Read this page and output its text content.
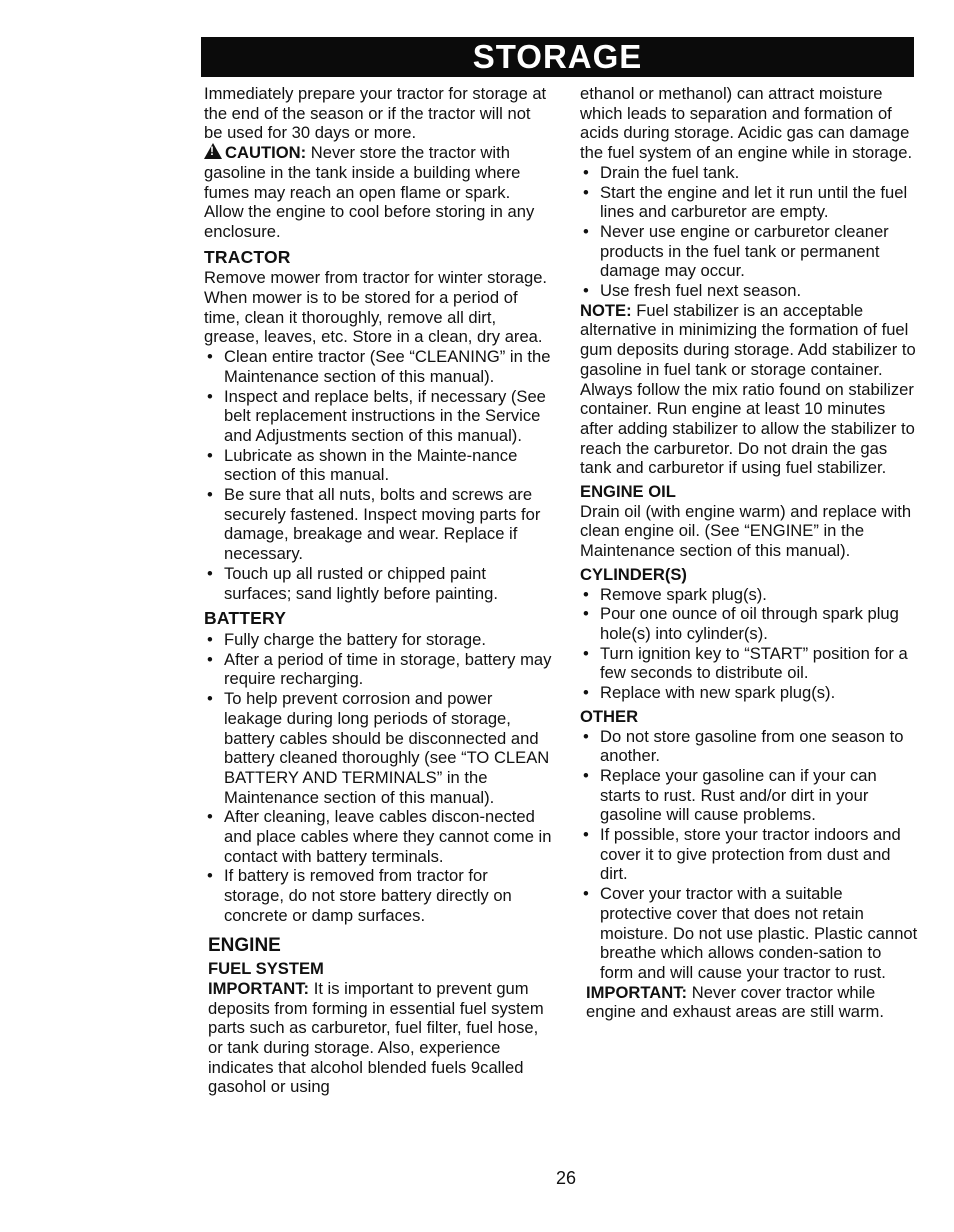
STORAGE

Immediately prepare your tractor for storage at the end of the season or if the tractor will not be used for 30 days or more.

!CAUTION: Never store the tractor with gasoline in the tank inside a building where fumes may reach an open flame or spark. Allow the engine to cool before storing in any enclosure.

TRACTOR

Remove mower from tractor for winter storage. When mower is to be stored for a period of time, clean it thoroughly, remove all dirt, grease, leaves, etc. Store in a clean, dry area.

• Clean entire tractor (See “CLEANING” in the Maintenance section of this manual).
• Inspect and replace belts, if necessary (See belt replacement instructions in the Service and Adjustments section of this manual).
• Lubricate as shown in the Mainte-nance section of this manual.
• Be sure that all nuts, bolts and screws are securely fastened. Inspect moving parts for damage, breakage and wear. Replace if necessary.
• Touch up all rusted or chipped paint surfaces; sand lightly before painting.
BATTERY
• Fully charge the battery for storage.
• After a period of time in storage, battery may require recharging.
• To help prevent corrosion and power leakage during long periods of storage, battery cables should be disconnected and battery cleaned thoroughly (see “TO CLEAN BATTERY AND TERMINALS” in the Maintenance section of this manual).
• After cleaning, leave cables discon-nected and place cables where they cannot come in contact with battery terminals.
• If battery is removed from tractor for storage, do not store battery directly on concrete or damp surfaces.
ENGINE
FUEL SYSTEM

IMPORTANT: It is important to prevent gum deposits from forming in essential fuel system parts such as carburetor, fuel filter, fuel hose, or tank during storage. Also, experience indicates that alcohol blended fuels 9called gasohol or using

ethanol or methanol) can attract moisture which leads to separation and formation of acids during storage. Acidic gas can damage the fuel system of an engine while in storage.

• Drain the fuel tank.
• Start the engine and let it run until the fuel lines and carburetor are empty.
• Never use engine or carburetor cleaner products in the fuel tank or permanent damage may occur.
• Use fresh fuel next season.

NOTE: Fuel stabilizer is an acceptable alternative in minimizing the formation of fuel gum deposits during storage. Add stabilizer to gasoline in fuel tank or storage container. Always follow the mix ratio found on stabilizer container. Run engine at least 10 minutes after adding stabilizer to allow the stabilizer to reach the carburetor. Do not drain the gas tank and carburetor if using fuel stabilizer.

ENGINE OIL

Drain oil (with engine warm) and replace with clean engine oil. (See “ENGINE” in the Maintenance section of this manual).

CYLINDER(S)
• Remove spark plug(s).
• Pour one ounce of oil through spark plug hole(s) into cylinder(s).
• Turn ignition key to “START” position for a few seconds to distribute oil.
• Replace with new spark plug(s).
OTHER
• Do not store gasoline from one season to another.
• Replace your gasoline can if your can starts to rust. Rust and/or dirt in your gasoline will cause problems.
• If possible, store your tractor indoors and cover it to give protection from dust and dirt.
• Cover your tractor with a suitable protective cover that does not retain moisture. Do not use plastic. Plastic cannot breathe which allows conden-sation to form and will cause your tractor to rust.

IMPORTANT: Never cover tractor while engine and exhaust areas are still warm.

26
